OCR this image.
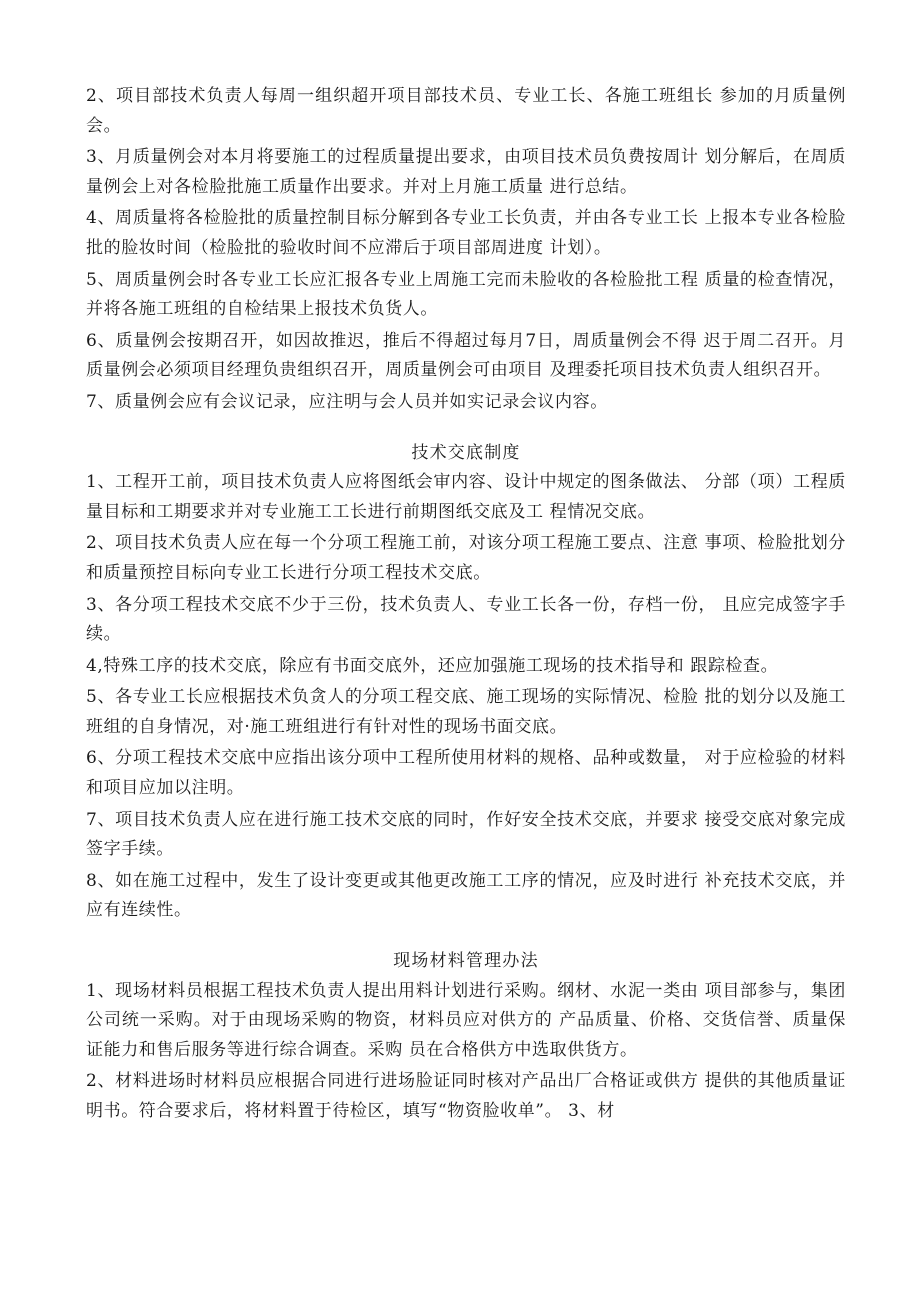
2、项目部技术负责人每周一组织超开项目部技术员、专业工长、各施工班组长 参加的月质量例会。

3、月质量例会对本月将要施工的过程质量提出要求，由项目技术员负费按周计 划分解后，在周质量例会上对各检脸批施工质量作出要求。并对上月施工质量 进行总结。

4、周质量将各检脸批的质量控制目标分解到各专业工长负责，并由各专业工长 上报本专业各检脸批的脸妆时间（检脸批的验收时间不应滞后于项目部周进度 计划）。

5、周质量例会时各专业工长应汇报各专业上周施工完而未脸收的各检脸批工程 质量的检查情况，并将各施工班组的自检结果上报技术负货人。

6、质量例会按期召开，如因故推迟，推后不得超过每月7日，周质量例会不得 迟于周二召开。月质量例会必须项目经理负贵组织召开，周质量例会可由项目 及理委托项目技术负责人组织召开。

7、质量例会应有会议记录，应注明与会人员并如实记录会议内容。

技术交底制度

1、工程开工前，项目技术负责人应将图纸会审内容、设计中规定的图条做法、 分部（项）工程质量目标和工期要求并对专业施工工长进行前期图纸交底及工 程情况交底。

2、项目技术负责人应在每一个分项工程施工前，对该分项工程施工要点、注意 事项、检脸批划分和质量预控目标向专业工长进行分项工程技术交底。

3、各分项工程技术交底不少于三份，技术负责人、专业工长各一份，存档一份， 且应完成签字手续。

4,特殊工序的技术交底，除应有书面交底外，还应加强施工现场的技术指导和 跟踪检查。

5、各专业工长应根据技术负贪人的分项工程交底、施工现场的实际情况、检脸 批的划分以及施工班组的自身情况，对·施工班组进行有针对性的现场书面交底。

6、分项工程技术交底中应指出该分项中工程所使用材料的规格、品种或数量， 对于应检验的材料和项目应加以注明。

7、项目技术负责人应在进行施工技术交底的同时，作好安全技术交底，并要求 接受交底对象完成签字手续。

8、如在施工过程中，发生了设计变更或其他更改施工工序的情况，应及时进行 补充技术交底，并应有连续性。

现场材料管理办法

1、现场材料员根据工程技术负责人提出用料计划进行采购。纲材、水泥一类由 项目部参与，集团公司统一采购。对于由现场采购的物资，材料员应对供方的 产品质量、价格、交货信誉、质量保证能力和售后服务等进行综合调查。采购 员在合格供方中选取供货方。

2、材料进场时材料员应根据合同进行进场脸证同时核对产品出厂合格证或供方 提供的其他质量证明书。符合要求后，将材料置于待检区，填写“物资脸收单”。 3、材
